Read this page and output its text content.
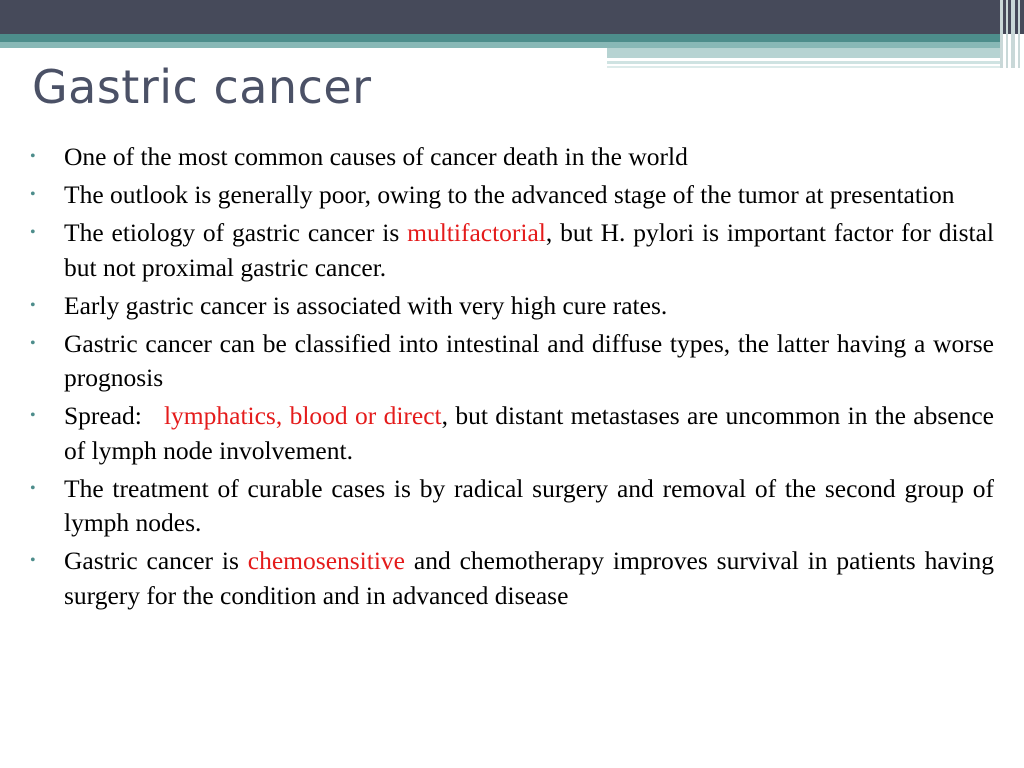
Gastric cancer
• One of the most common causes of cancer death in the world
• The outlook is generally poor, owing to the advanced stage of the tumor at presentation
• The etiology of gastric cancer is multifactorial, but H. pylori is important factor for distal but not proximal gastric cancer.
• Early gastric cancer is associated with very high cure rates.
• Gastric cancer can be classified into intestinal and diffuse types, the latter having a worse prognosis
• Spread:   lymphatics, blood or direct, but distant metastases are uncommon in the absence of lymph node involvement.
• The treatment of curable cases is by radical surgery and removal of the second group of lymph nodes.
• Gastric cancer is chemosensitive and chemotherapy improves survival in patients having surgery for the condition and in advanced disease
